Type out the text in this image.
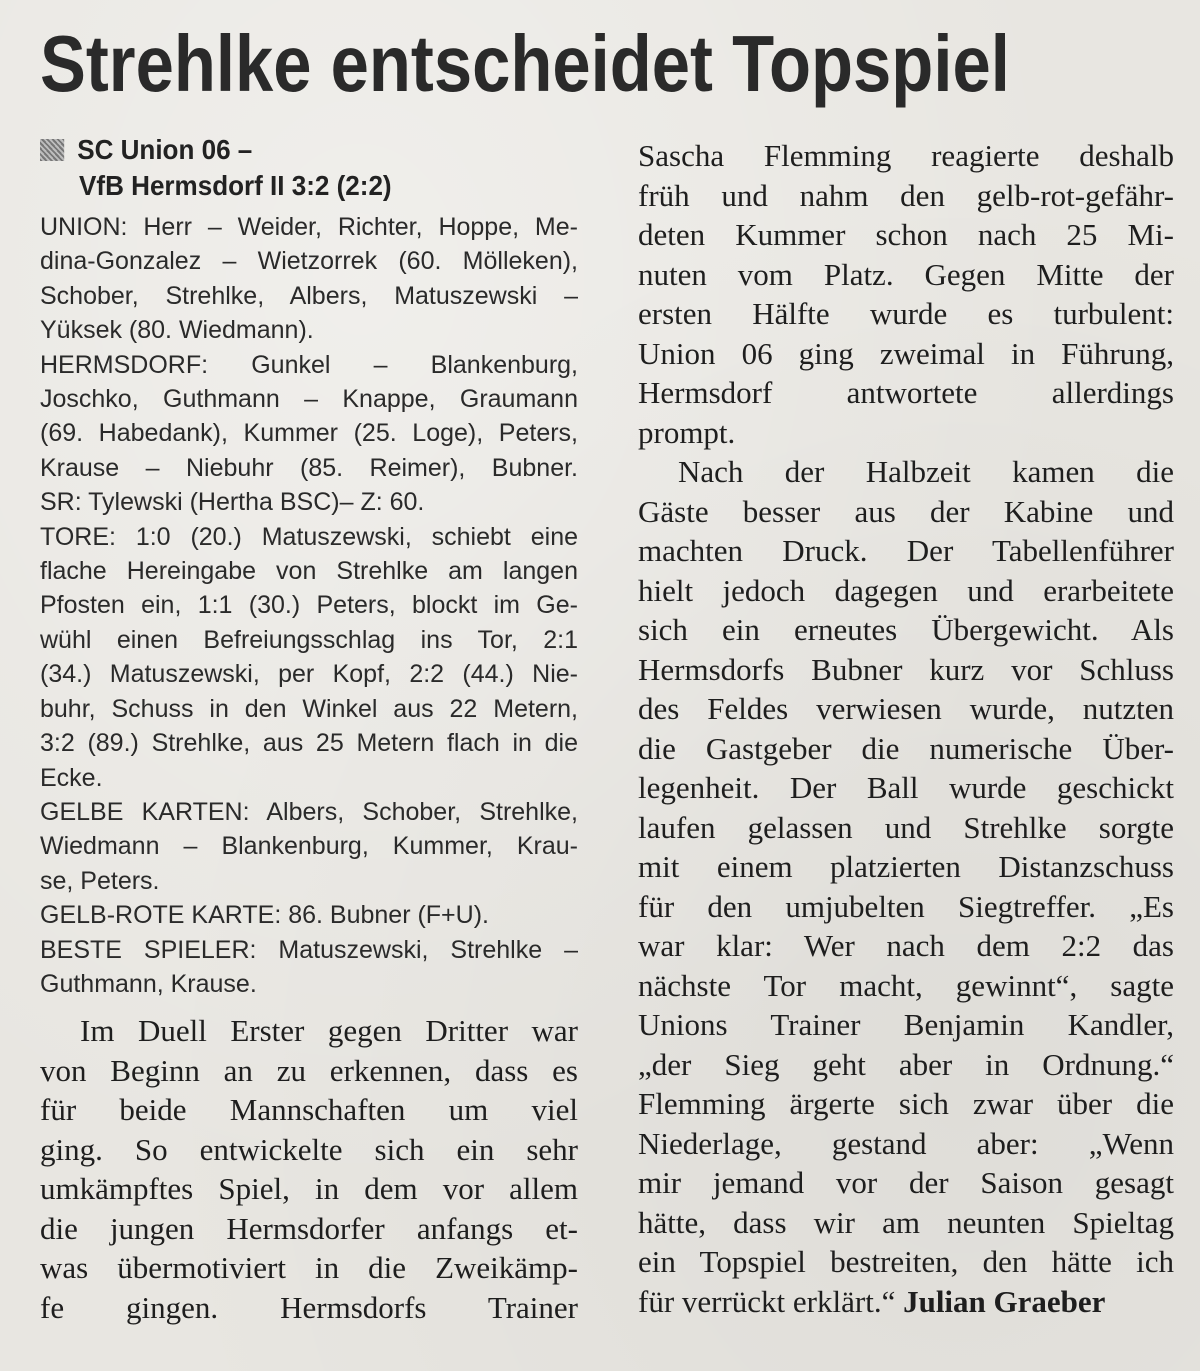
Strehlke entscheidet Topspiel
SC Union 06 –
VfB Hermsdorf II 3:2 (2:2)
UNION: Herr – Weider, Richter, Hoppe, Me-
dina-Gonzalez – Wietzorrek (60. Mölleken),
Schober, Strehlke, Albers, Matuszewski –
Yüksek (80. Wiedmann).
HERMSDORF: Gunkel – Blankenburg,
Joschko, Guthmann – Knappe, Graumann
(69. Habedank), Kummer (25. Loge), Peters,
Krause – Niebuhr (85. Reimer), Bubner.
SR: Tylewski (Hertha BSC)– Z: 60.
TORE: 1:0 (20.) Matuszewski, schiebt eine
flache Hereingabe von Strehlke am langen
Pfosten ein, 1:1 (30.) Peters, blockt im Ge-
wühl einen Befreiungsschlag ins Tor, 2:1
(34.) Matuszewski, per Kopf, 2:2 (44.) Nie-
buhr, Schuss in den Winkel aus 22 Metern,
3:2 (89.) Strehlke, aus 25 Metern flach in die
Ecke.
GELBE KARTEN: Albers, Schober, Strehlke,
Wiedmann – Blankenburg, Kummer, Krau-
se, Peters.
GELB-ROTE KARTE: 86. Bubner (F+U).
BESTE SPIELER: Matuszewski, Strehlke –
Guthmann, Krause.
Im Duell Erster gegen Dritter war
von Beginn an zu erkennen, dass es
für beide Mannschaften um viel
ging. So entwickelte sich ein sehr
umkämpftes Spiel, in dem vor allem
die jungen Hermsdorfer anfangs et-
was übermotiviert in die Zweikämp-
fe gingen. Hermsdorfs Trainer
Sascha Flemming reagierte deshalb
früh und nahm den gelb-rot-gefähr-
deten Kummer schon nach 25 Mi-
nuten vom Platz. Gegen Mitte der
ersten Hälfte wurde es turbulent:
Union 06 ging zweimal in Führung,
Hermsdorf antwortete allerdings
prompt.
Nach der Halbzeit kamen die
Gäste besser aus der Kabine und
machten Druck. Der Tabellenführer
hielt jedoch dagegen und erarbeitete
sich ein erneutes Übergewicht. Als
Hermsdorfs Bubner kurz vor Schluss
des Feldes verwiesen wurde, nutzten
die Gastgeber die numerische Über-
legenheit. Der Ball wurde geschickt
laufen gelassen und Strehlke sorgte
mit einem platzierten Distanzschuss
für den umjubelten Siegtreffer. „Es
war klar: Wer nach dem 2:2 das
nächste Tor macht, gewinnt“, sagte
Unions Trainer Benjamin Kandler,
„der Sieg geht aber in Ordnung.“
Flemming ärgerte sich zwar über die
Niederlage, gestand aber: „Wenn
mir jemand vor der Saison gesagt
hätte, dass wir am neunten Spieltag
ein Topspiel bestreiten, den hätte ich
für verrückt erklärt.“ Julian Graeber
